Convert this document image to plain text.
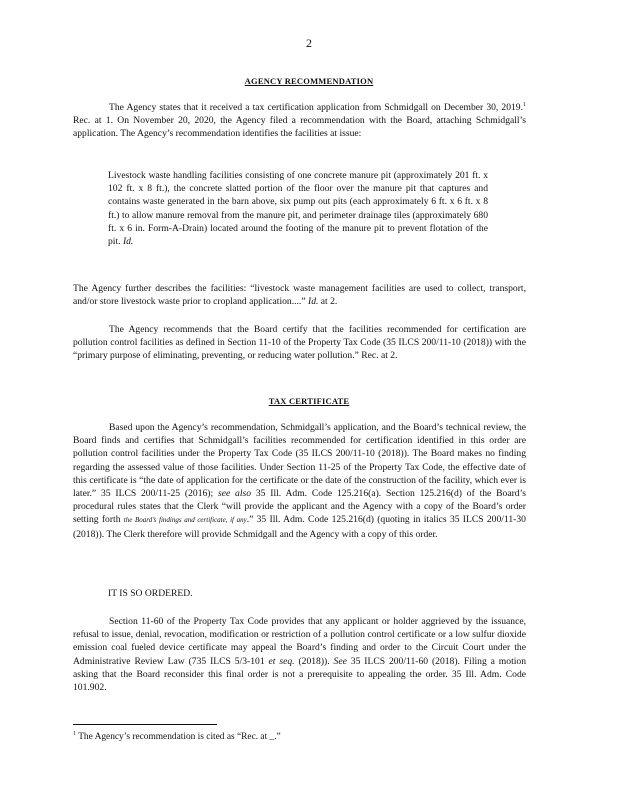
2
AGENCY RECOMMENDATION
The Agency states that it received a tax certification application from Schmidgall on December 30, 2019.$^1$ Rec. at 1. On November 20, 2020, the Agency filed a recommendation with the Board, attaching Schmidgall’s application. The Agency’s recommendation identifies the facilities at issue:
Livestock waste handling facilities consisting of one concrete manure pit (approximately 201 ft. x 102 ft. x 8 ft.), the concrete slatted portion of the floor over the manure pit that captures and contains waste generated in the barn above, six pump out pits (each approximately 6 ft. x 6 ft. x 8 ft.) to allow manure removal from the manure pit, and perimeter drainage tiles (approximately 680 ft. x 6 in. Form-A-Drain) located around the footing of the manure pit to prevent flotation of the pit. Id.
The Agency further describes the facilities: “livestock waste management facilities are used to collect, transport, and/or store livestock waste prior to cropland application....” Id. at 2.
The Agency recommends that the Board certify that the facilities recommended for certification are pollution control facilities as defined in Section 11-10 of the Property Tax Code (35 ILCS 200/11-10 (2018)) with the “primary purpose of eliminating, preventing, or reducing water pollution.” Rec. at 2.
TAX CERTIFICATE
Based upon the Agency’s recommendation, Schmidgall’s application, and the Board’s technical review, the Board finds and certifies that Schmidgall’s facilities recommended for certification identified in this order are pollution control facilities under the Property Tax Code (35 ILCS 200/11-10 (2018)). The Board makes no finding regarding the assessed value of those facilities. Under Section 11-25 of the Property Tax Code, the effective date of this certificate is “the date of application for the certificate or the date of the construction of the facility, which ever is later.” 35 ILCS 200/11-25 (2016); see also 35 Ill. Adm. Code 125.216(a). Section 125.216(d) of the Board’s procedural rules states that the Clerk “will provide the applicant and the Agency with a copy of the Board’s order setting forth the Board’s findings and certificate, if any.” 35 Ill. Adm. Code 125.216(d) (quoting in italics 35 ILCS 200/11-30 (2018)). The Clerk therefore will provide Schmidgall and the Agency with a copy of this order.
IT IS SO ORDERED.
Section 11-60 of the Property Tax Code provides that any applicant or holder aggrieved by the issuance, refusal to issue, denial, revocation, modification or restriction of a pollution control certificate or a low sulfur dioxide emission coal fueled device certificate may appeal the Board’s finding and order to the Circuit Court under the Administrative Review Law (735 ILCS 5/3-101 et seq. (2018)). See 35 ILCS 200/11-60 (2018). Filing a motion asking that the Board reconsider this final order is not a prerequisite to appealing the order. 35 Ill. Adm. Code 101.902.
$^1$ The Agency’s recommendation is cited as “Rec. at _.”
